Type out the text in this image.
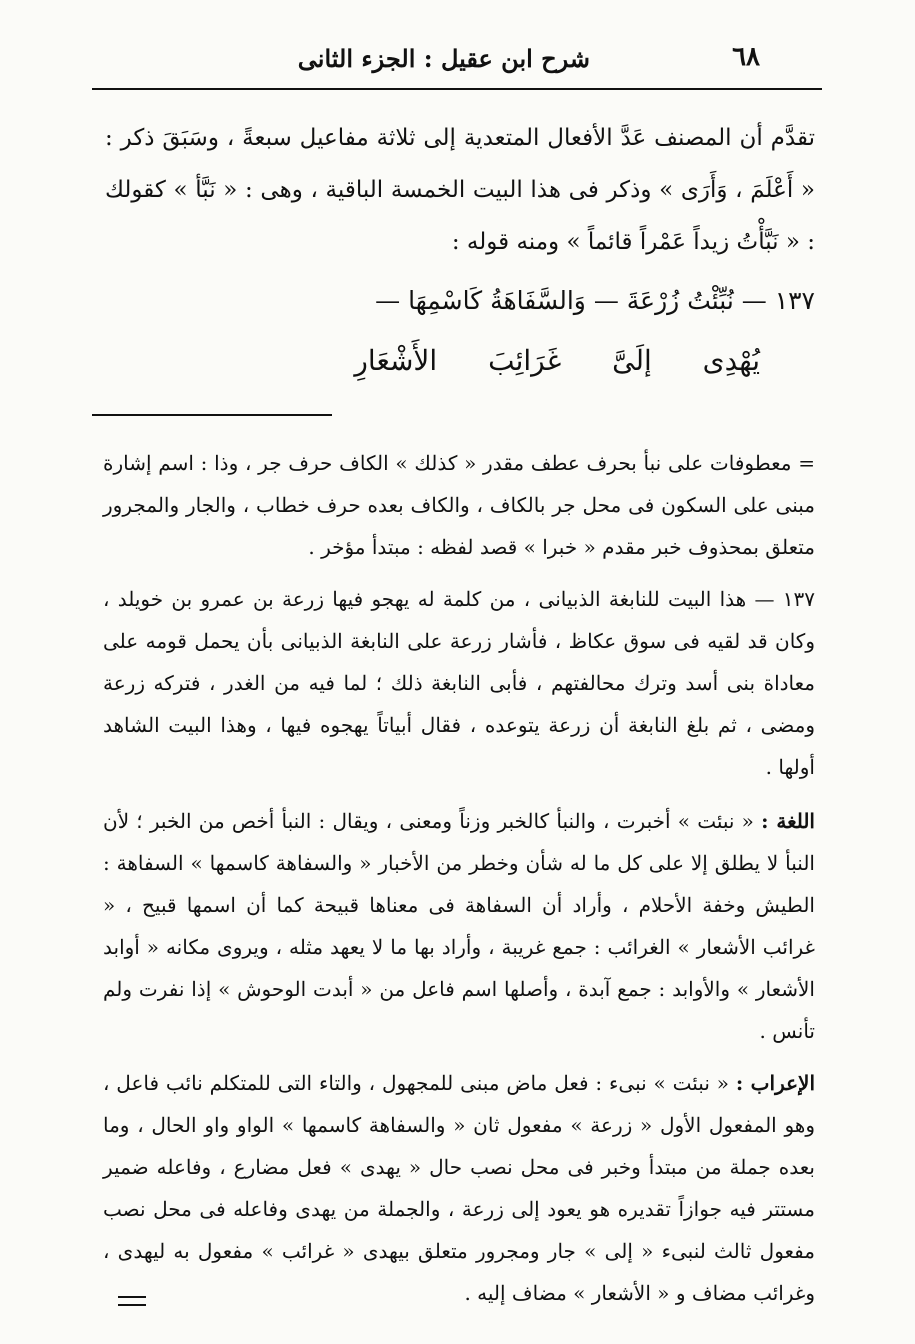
٦٨
شرح ابن عقيل : الجزء الثانى

تقدَّم أن المصنف عَدَّ الأفعال المتعدية إلى ثلاثة مفاعيل سبعةً ، وسَبَقَ ذكر : « أَعْلَمَ ، وَأَرَى » وذكر فى هذا البيت الخمسة الباقية ، وهى : « نَبَّأ » كقولك : « نَبَّأْتُ زيداً عَمْراً قائماً » ومنه قوله :

١٣٧ — نُبِّئْتُ زُرْعَةَ — وَالسَّفَاهَةُ كَاسْمِهَا —
يُهْدِى إلَىَّ غَرَائِبَ الأَشْعَارِ

= معطوفات على نبأ بحرف عطف مقدر « كذلك » الكاف حرف جر ، وذا : اسم إشارة مبنى على السكون فى محل جر بالكاف ، والكاف بعده حرف خطاب ، والجار والمجرور متعلق بمحذوف خبر مقدم « خبرا » قصد لفظه : مبتدأ مؤخر .

١٣٧ — هذا البيت للنابغة الذبيانى ، من كلمة له يهجو فيها زرعة بن عمرو بن خويلد ، وكان قد لقيه فى سوق عكاظ ، فأشار زرعة على النابغة الذبيانى بأن يحمل قومه على معاداة بنى أسد وترك محالفتهم ، فأبى النابغة ذلك ؛ لما فيه من الغدر ، فتركه زرعة ومضى ، ثم بلغ النابغة أن زرعة يتوعده ، فقال أبياتاً يهجوه فيها ، وهذا البيت الشاهد أولها .

اللغة : « نبئت » أخبرت ، والنبأ كالخبر وزناً ومعنى ، ويقال : النبأ أخص من الخبر ؛ لأن النبأ لا يطلق إلا على كل ما له شأن وخطر من الأخبار « والسفاهة كاسمها » السفاهة : الطيش وخفة الأحلام ، وأراد أن السفاهة فى معناها قبيحة كما أن اسمها قبيح ، « غرائب الأشعار » الغرائب : جمع غريبة ، وأراد بها ما لا يعهد مثله ، ويروى مكانه « أوابد الأشعار » والأوابد : جمع آبدة ، وأصلها اسم فاعل من « أبدت الوحوش » إذا نفرت ولم تأنس .

الإعراب : « نبئت » نبىء : فعل ماض مبنى للمجهول ، والتاء التى للمتكلم نائب فاعل ، وهو المفعول الأول « زرعة » مفعول ثان « والسفاهة كاسمها » الواو واو الحال ، وما بعده جملة من مبتدأ وخبر فى محل نصب حال « يهدى » فعل مضارع ، وفاعله ضمير مستتر فيه جوازاً تقديره هو يعود إلى زرعة ، والجملة من يهدى وفاعله فى محل نصب مفعول ثالث لنبىء « إلى » جار ومجرور متعلق بيهدى « غرائب » مفعول به ليهدى ، وغرائب مضاف و « الأشعار » مضاف إليه .
